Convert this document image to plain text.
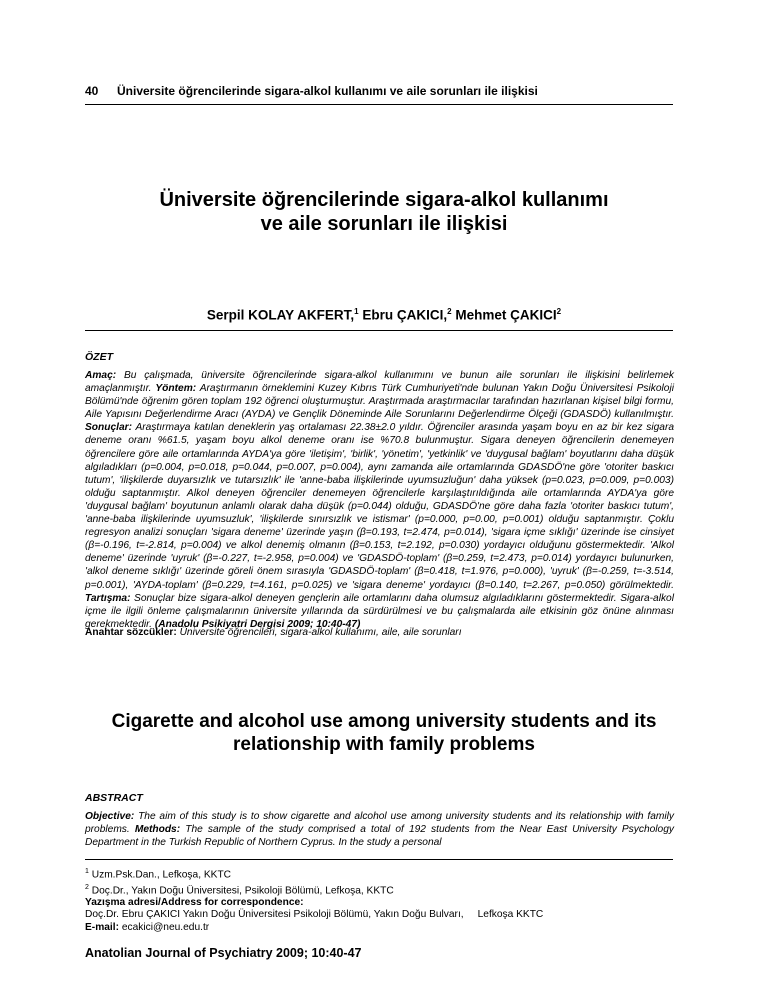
40 Üniversite öğrencilerinde sigara-alkol kullanımı ve aile sorunları ile ilişkisi
Üniversite öğrencilerinde sigara-alkol kullanımı
ve aile sorunları ile ilişkisi
Serpil KOLAY AKFERT,$^1$ Ebru ÇAKICI,$^2$ Mehmet ÇAKICI$^2$
ÖZET
Amaç: Bu çalışmada, üniversite öğrencilerinde sigara-alkol kullanımını ve bunun aile sorunları ile ilişkisini belirlemek amaçlanmıştır. Yöntem: Araştırmanın örneklemini Kuzey Kıbrıs Türk Cumhuriyeti'nde bulunan Yakın Doğu Üniversitesi Psikoloji Bölümü'nde öğrenim gören toplam 192 öğrenci oluşturmuştur. Araştırmada araştırmacılar tarafından hazırlanan kişisel bilgi formu, Aile Yapısını Değerlendirme Aracı (AYDA) ve Gençlik Döneminde Aile Sorunlarını Değerlendirme Ölçeği (GDASDÖ) kullanılmıştır. Sonuçlar: Araştırmaya katılan deneklerin yaş ortalaması 22.38±2.0 yıldır. Öğrenciler arasında yaşam boyu en az bir kez sigara deneme oranı %61.5, yaşam boyu alkol deneme oranı ise %70.8 bulunmuştur. Sigara deneyen öğrencilerin denemeyen öğrencilere göre aile ortamlarında AYDA'ya göre 'iletişim', 'birlik', 'yönetim', 'yetkinlik' ve 'duygusal bağlam' boyutlarını daha düşük algıladıkları (p=0.004, p=0.018, p=0.044, p=0.007, p=0.004), aynı zamanda aile ortamlarında GDASDÖ'ne göre 'otoriter baskıcı tutum', 'ilişkilerde duyarsızlık ve tutarsızlık' ile 'anne-baba ilişkilerinde uyumsuzluğun' daha yüksek (p=0.023, p=0.009, p=0.003) olduğu saptanmıştır. Alkol deneyen öğrenciler denemeyen öğrencilerle karşılaştırıldığında aile ortamlarında AYDA'ya göre 'duygusal bağlam' boyutunun anlamlı olarak daha düşük (p=0.044) olduğu, GDASDÖ'ne göre daha fazla 'otoriter baskıcı tutum', 'anne-baba ilişkilerinde uyumsuzluk', 'ilişkilerde sınırsızlık ve istismar' (p=0.000, p=0.00, p=0.001) olduğu saptanmıştır. Çoklu regresyon analizi sonuçları 'sigara deneme' üzerinde yaşın (β=0.193, t=2.474, p=0.014), 'sigara içme sıklığı' üzerinde ise cinsiyet (β=-0.196, t=-2.814, p=0.004) ve alkol denemiş olmanın (β=0.153, t=2.192, p=0.030) yordayıcı olduğunu göstermektedir. 'Alkol deneme' üzerinde 'uyruk' (β=-0.227, t=-2.958, p=0.004) ve 'GDASDÖ-toplam' (β=0.259, t=2.473, p=0.014) yordayıcı bulunurken, 'alkol deneme sıklığı' üzerinde göreli önem sırasıyla 'GDASDÖ-toplam' (β=0.418, t=1.976, p=0.000), 'uyruk' (β=-0.259, t=-3.514, p=0.001), 'AYDA-toplam' (β=0.229, t=4.161, p=0.025) ve 'sigara deneme' yordayıcı (β=0.140, t=2.267, p=0.050) görülmektedir. Tartışma: Sonuçlar bize sigara-alkol deneyen gençlerin aile ortamlarını daha olumsuz algıladıklarını göstermektedir. Sigara-alkol içme ile ilgili önleme çalışmalarının üniversite yıllarında da sürdürülmesi ve bu çalışmalarda aile etkisinin göz önüne alınması gerekmektedir. (Anadolu Psikiyatri Dergisi 2009; 10:40-47)
Anahtar sözcükler: Üniversite öğrencileri, sigara-alkol kullanımı, aile, aile sorunları
Cigarette and alcohol use among university students and its
relationship with family problems
ABSTRACT
Objective: The aim of this study is to show cigarette and alcohol use among university students and its relationship with family problems. Methods: The sample of the study comprised a total of 192 students from the Near East University Psychology Department in the Turkish Republic of Northern Cyprus. In the study a personal
$^1$ Uzm.Psk.Dan., Lefkoşa, KKTC
$^2$ Doç.Dr., Yakın Doğu Üniversitesi, Psikoloji Bölümü, Lefkoşa, KKTC
Yazışma adresi/Address for correspondence:
Doç.Dr. Ebru ÇAKICI Yakın Doğu Üniversitesi Psikoloji Bölümü, Yakın Doğu Bulvarı, Lefkoşa KKTC
E-mail: ecakici@neu.edu.tr
Anatolian Journal of Psychiatry 2009; 10:40-47
